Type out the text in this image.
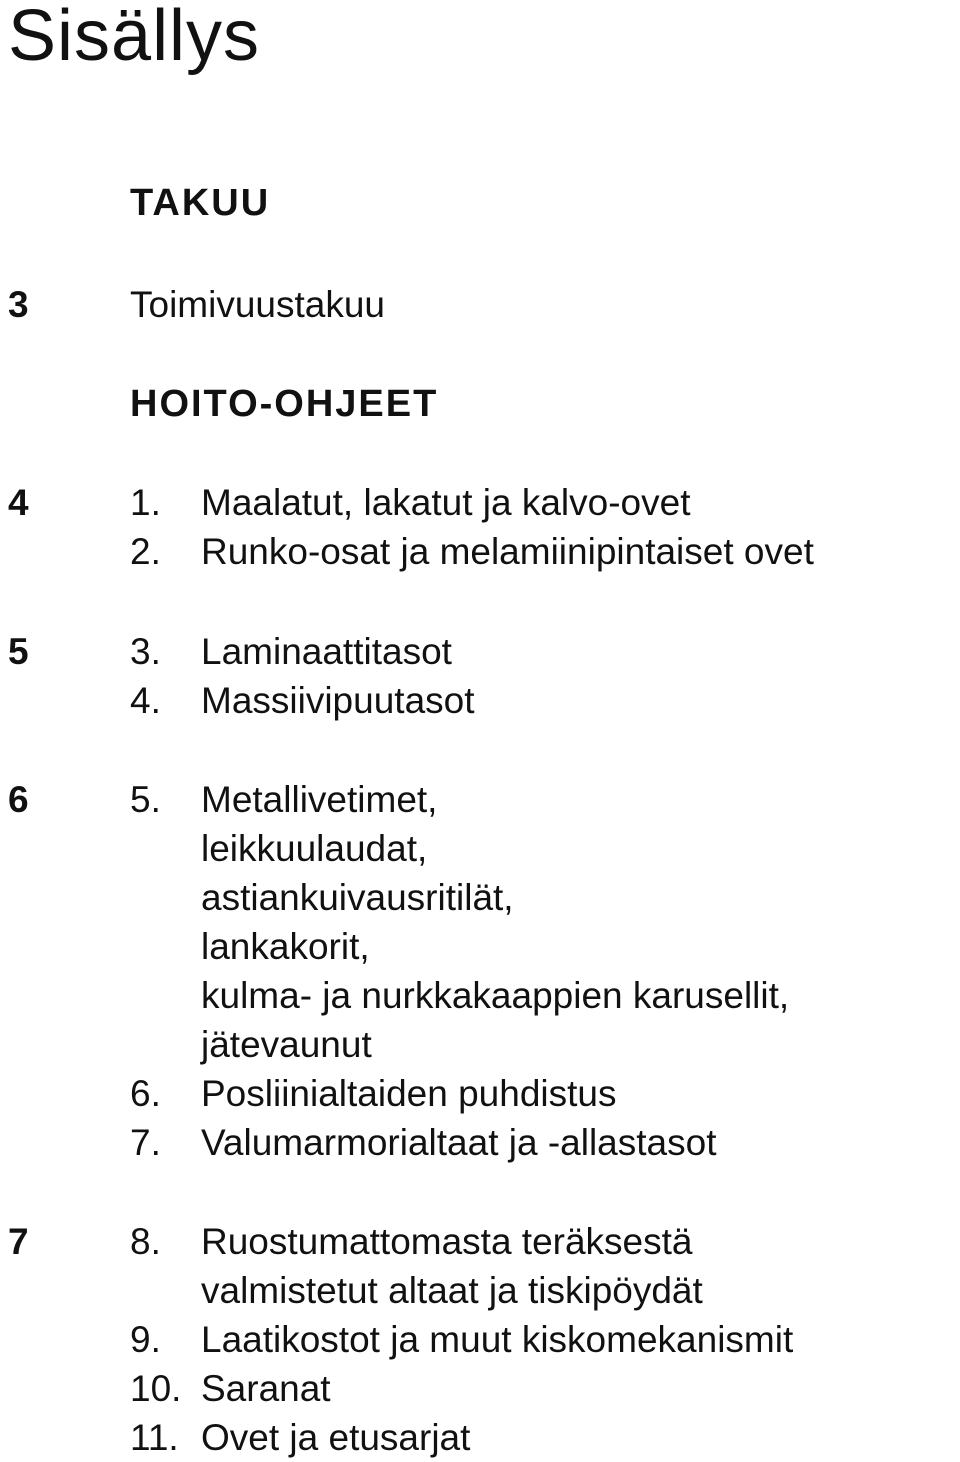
Sisällys
TAKUU
3	Toimivuustakuu
HOITO-OHJEET
4	1. Maalatut, lakatut ja kalvo-ovet
2. Runko-osat ja melamiinipintaiset ovet
5	3. Laminaattitasot
4. Massiivipuutasot
6	5. Metallivetimet,
leikkuulaudat,
astiankuivausritilät,
lankakorit,
kulma- ja nurkkakaappien karusellit,
jätevaunut
6. Posliinialtaiden puhdistus
7. Valumarmorialtaat ja -allastasot
7	8. Ruostumattomasta teräksestä
valmistetut altaat ja tiskipöydät
9. Laatikostot ja muut kiskomekanismit
10. Saranat
11. Ovet ja etusarjat
